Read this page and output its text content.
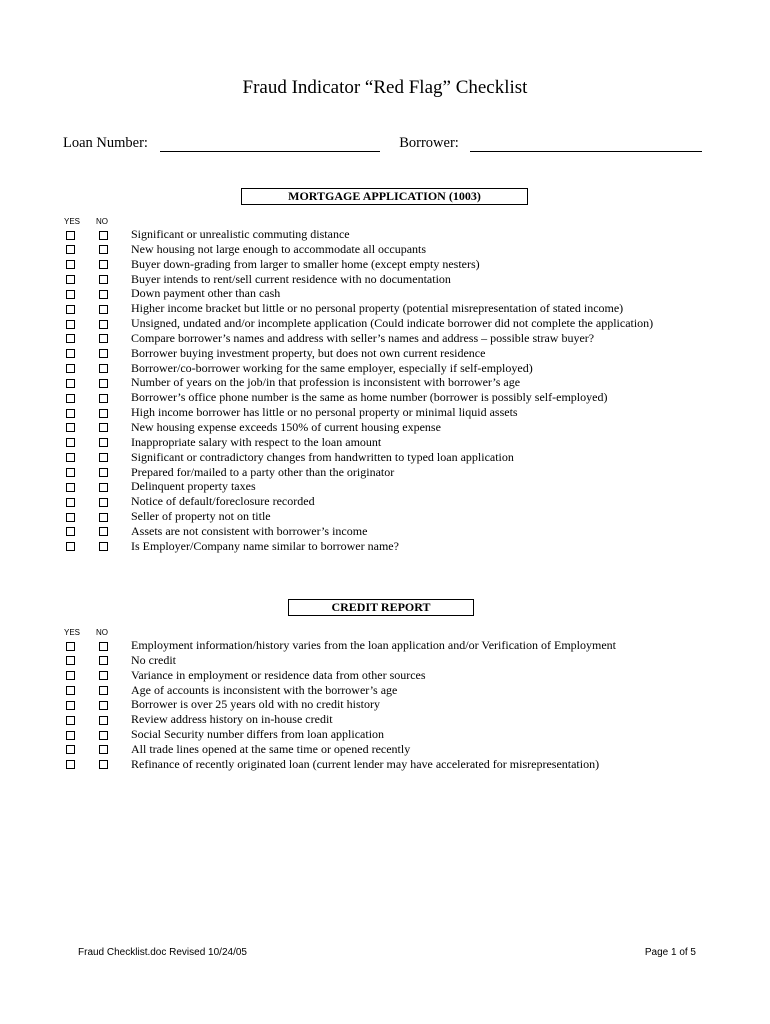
Fraud Indicator “Red Flag” Checklist
Loan Number:	Borrower:
MORTGAGE APPLICATION (1003)
YES NO
Significant or unrealistic commuting distance
New housing not large enough to accommodate all occupants
Buyer down-grading from larger to smaller home (except empty nesters)
Buyer intends to rent/sell current residence with no documentation
Down payment other than cash
Higher income bracket but little or no personal property (potential misrepresentation of stated income)
Unsigned, undated and/or incomplete application (Could indicate borrower did not complete the application)
Compare borrower’s names and address with seller’s names and address – possible straw buyer?
Borrower buying investment property, but does not own current residence
Borrower/co-borrower working for the same employer, especially if self-employed)
Number of years on the job/in that profession is inconsistent with borrower’s age
Borrower’s office phone number is the same as home number (borrower is possibly self-employed)
High income borrower has little or no personal property or minimal liquid assets
New housing expense exceeds 150% of current housing expense
Inappropriate salary with respect to the loan amount
Significant or contradictory changes from handwritten to typed loan application
Prepared for/mailed to a party other than the originator
Delinquent property taxes
Notice of default/foreclosure recorded
Seller of property not on title
Assets are not consistent with borrower’s income
Is Employer/Company name similar to borrower name?
CREDIT REPORT
YES NO
Employment information/history varies from the loan application and/or Verification of Employment
No credit
Variance in employment or residence data from other sources
Age of accounts is inconsistent with the borrower’s age
Borrower is over 25 years old with no credit history
Review address history on in-house credit
Social Security number differs from loan application
All trade lines opened at the same time or opened recently
Refinance of recently originated loan (current lender may have accelerated for misrepresentation)
Fraud Checklist.doc Revised 10/24/05	Page 1 of 5
